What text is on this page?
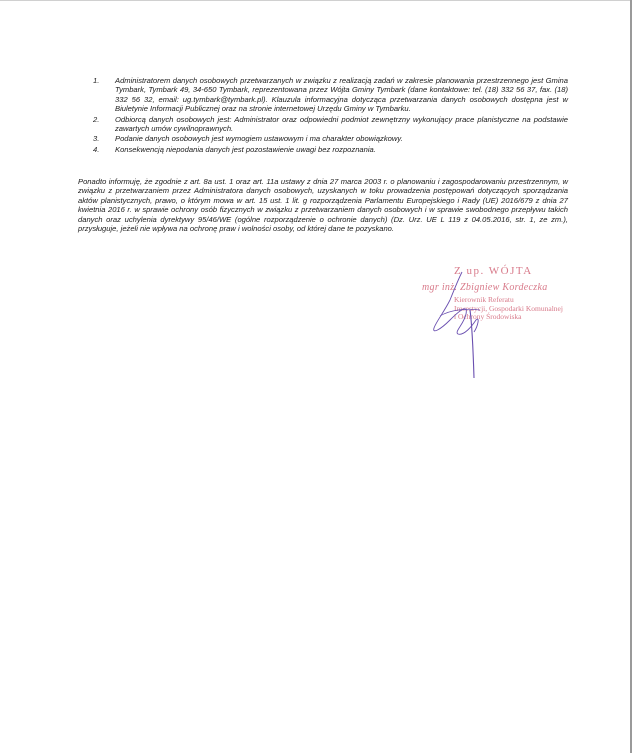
1. Administratorem danych osobowych przetwarzanych w związku z realizacją zadań w zakresie planowania przestrzennego jest Gmina Tymbark, Tymbark 49, 34-650 Tymbark, reprezentowana przez Wójta Gminy Tymbark (dane kontaktowe: tel. (18) 332 56 37, fax. (18) 332 56 32, email: ug.tymbark@tymbark.pl). Klauzula informacyjna dotycząca przetwarzania danych osobowych dostępna jest w Biuletynie Informacji Publicznej oraz na stronie internetowej Urzędu Gminy w Tymbarku.
2. Odbiorcą danych osobowych jest: Administrator oraz odpowiedni podmiot zewnętrzny wykonujący prace planistyczne na podstawie zawartych umów cywilnoprawnych.
3. Podanie danych osobowych jest wymogiem ustawowym i ma charakter obowiązkowy.
4. Konsekwencją niepodania danych jest pozostawienie uwagi bez rozpoznania.

Ponadto informuję, że zgodnie z art. 8a ust. 1 oraz art. 11a ustawy z dnia 27 marca 2003 r. o planowaniu i zagospodarowaniu przestrzennym, w związku z przetwarzaniem przez Administratora danych osobowych, uzyskanych w toku prowadzenia postępowań dotyczących sporządzania aktów planistycznych, prawo, o którym mowa w art. 15 ust. 1 lit. g rozporządzenia Parlamentu Europejskiego i Rady (UE) 2016/679 z dnia 27 kwietnia 2016 r. w sprawie ochrony osób fizycznych w związku z przetwarzaniem danych osobowych i w sprawie swobodnego przepływu takich danych oraz uchylenia dyrektywy 95/46/WE (ogólne rozporządzenie o ochronie danych) (Dz. Urz. UE L 119 z 04.05.2016, str. 1, ze zm.), przysługuje, jeżeli nie wpływa na ochronę praw i wolności osoby, od której dane te pozyskano.

Z up. WÓJTA
mgr inż. Zbigniew Kordeczka
Kierownik Referatu
Inwestycji, Gospodarki Komunalnej
i Ochrony Środowiska
